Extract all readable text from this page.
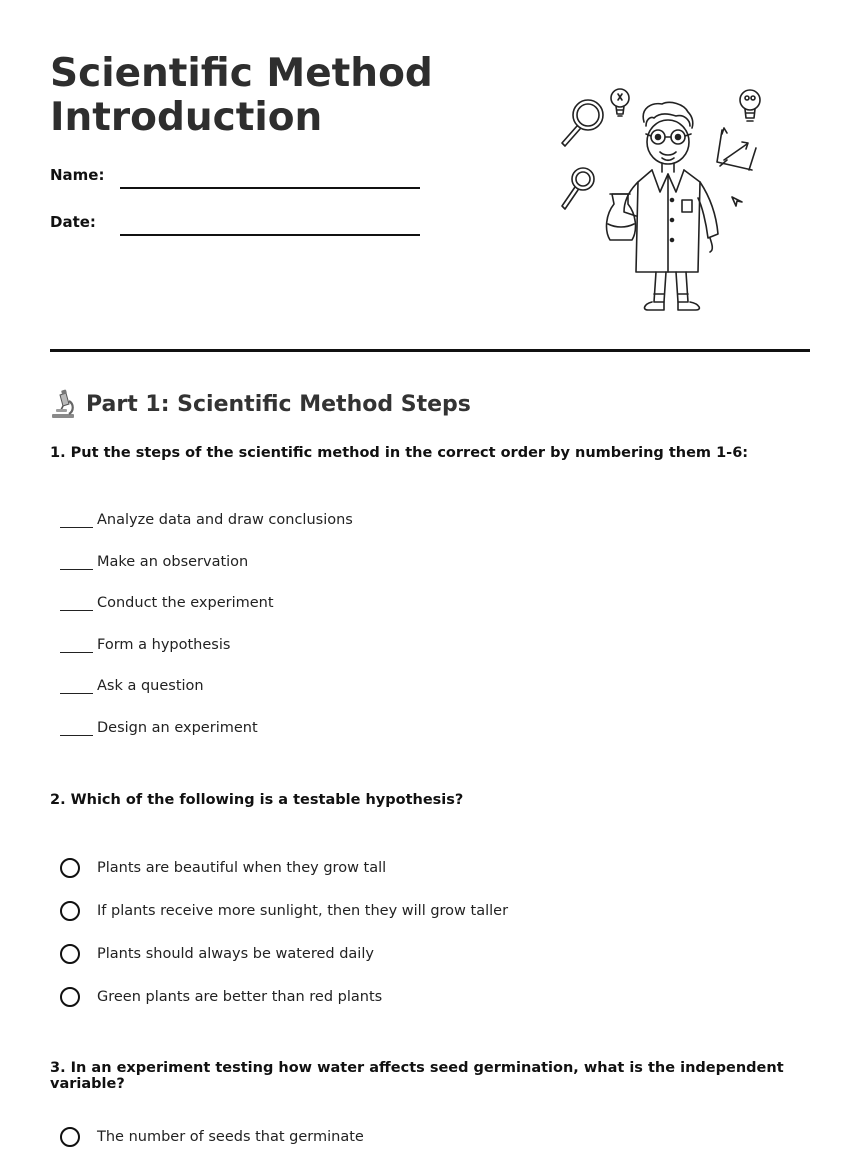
Scientific Method Introduction
Name:
Date:
Part 1: Scientific Method Steps

1. Put the steps of the scientific method in the correct order by numbering them 1-6:

Analyze data and draw conclusions
Make an observation
Conduct the experiment
Form a hypothesis
Ask a question
Design an experiment

2. Which of the following is a testable hypothesis?

Plants are beautiful when they grow tall
If plants receive more sunlight, then they will grow taller
Plants should always be watered daily
Green plants are better than red plants

3. In an experiment testing how water affects seed germination, what is the independent variable?

The number of seeds that germinate
